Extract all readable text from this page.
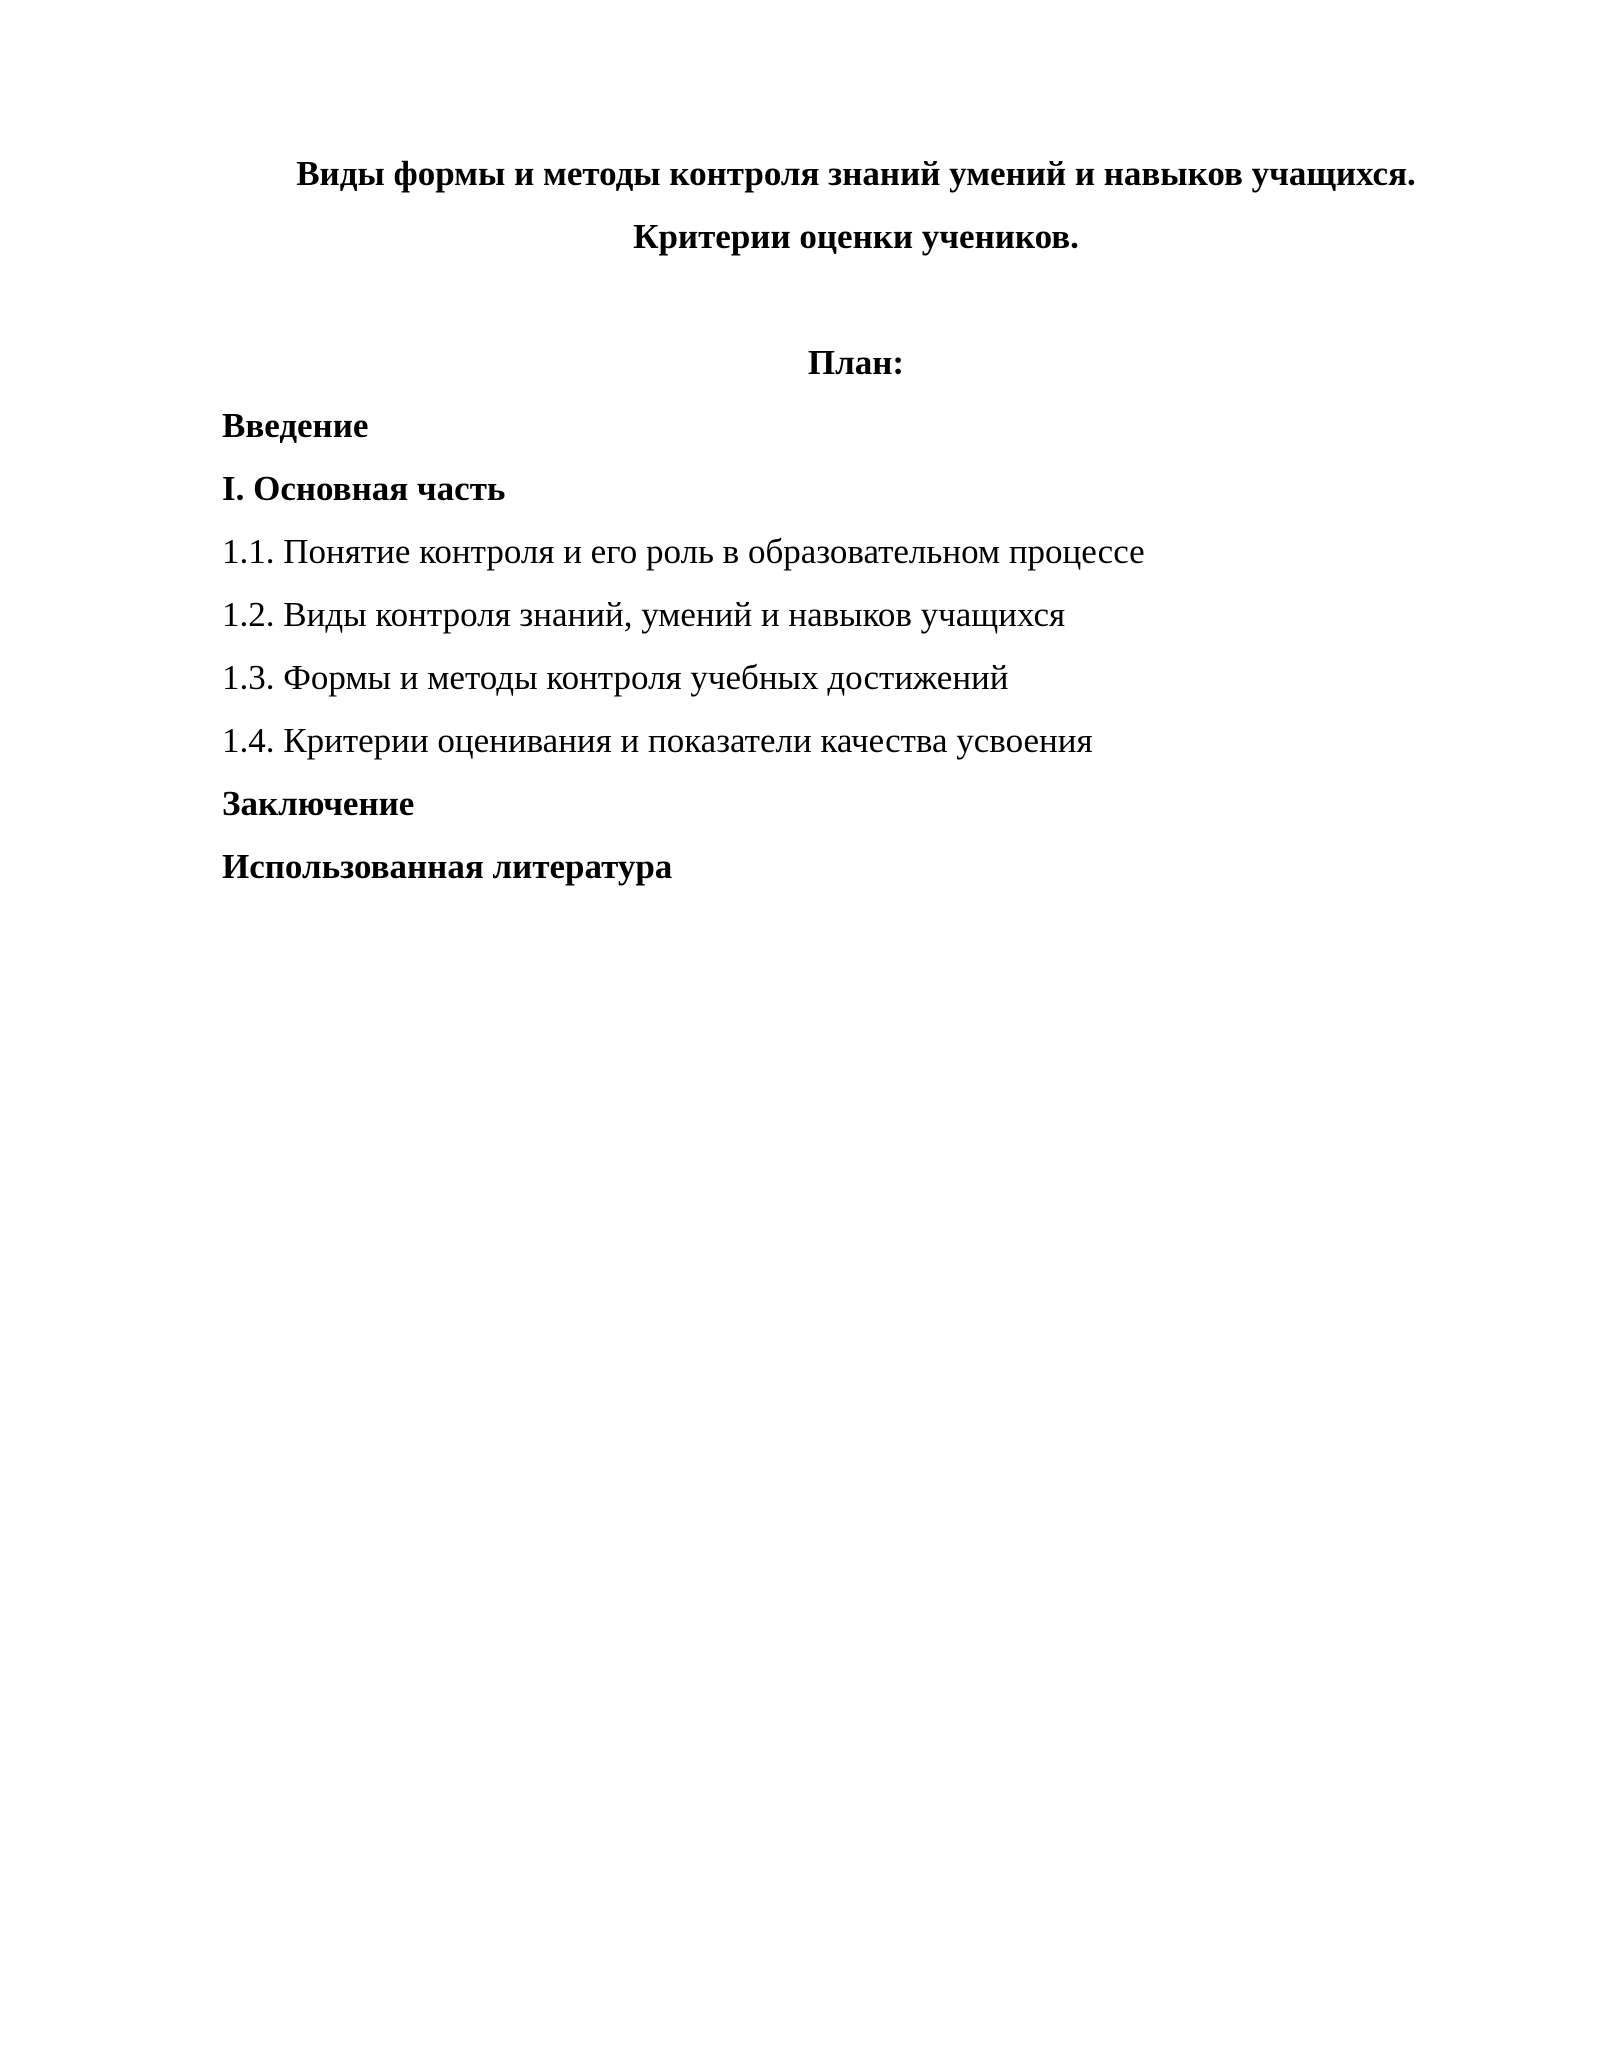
Виды формы и методы контроля знаний умений и навыков учащихся.
Критерии оценки учеников.
План:
Введение
I. Основная часть
1.1. Понятие контроля и его роль в образовательном процессе
1.2. Виды контроля знаний, умений и навыков учащихся
1.3. Формы и методы контроля учебных достижений
1.4. Критерии оценивания и показатели качества усвоения
Заключение
Использованная литература
